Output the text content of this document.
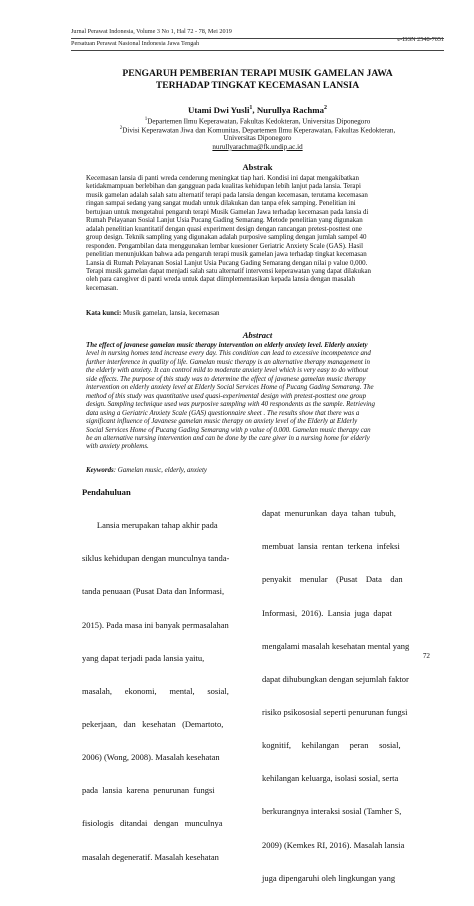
Jurnal Perawat Indonesia, Volume 3 No 1, Hal 72 - 78, Mei 2019
e-ISSN 2548-7051
Persatuan Perawat Nasional Indonesia Jawa Tengah
PENGARUH PEMBERIAN TERAPI MUSIK GAMELAN JAWA
TERHADAP TINGKAT KECEMASAN LANSIA
Utami Dwi Yusli$^1$, Nurullya Rachma$^2$
$^1$Departemen Ilmu Keperawatan, Fakultas Kedokteran, Universitas Diponegoro
$^2$Divisi Keperawatan Jiwa dan Komunitas, Departemen Ilmu Keperawatan, Fakultas Kedokteran,
Universitas Diponegoro
nurullyarachma@fk.undip.ac.id
Abstrak
Kecemasan lansia di panti wreda cenderung meningkat tiap hari. Kondisi ini dapat mengakibatkan
ketidakmampuan berlebihan dan gangguan pada kualitas kehidupan lebih lanjut pada lansia. Terapi
musik gamelan adalah salah satu alternatif terapi pada lansia dengan kecemasan, terutama kecemasan
ringan sampai sedang yang sangat mudah untuk dilakukan dan tanpa efek samping. Penelitian ini
bertujuan untuk mengetahui pengaruh terapi Musik Gamelan Jawa terhadap kecemasan pada lansia di
Rumah Pelayanan Sosial Lanjut Usia Pucang Gading Semarang. Metode penelitian yang digunakan
adalah penelitian kuantitatif dengan quasi experiment design dengan rancangan pretest-posttest one
group design. Teknik sampling yang digunakan adalah purposive sampling dengan jumlah sampel 40
responden. Pengambilan data menggunakan lembar kuesioner Geriatric Anxiety Scale (GAS). Hasil
penelitian menunjukkan bahwa ada pengaruh terapi musik gamelan jawa terhadap tingkat kecemasan
Lansia di Rumah Pelayanan Sosial Lanjut Usia Pucang Gading Semarang dengan nilai p value 0,000.
Terapi musik gamelan dapat menjadi salah satu alternatif intervensi keperawatan yang dapat dilakukan
oleh para caregiver di panti wreda untuk dapat diimplementasikan kepada lansia dengan masalah
kecemasan.
Kata kunci: Musik gamelan, lansia, kecemasan
Abstract
The effect of javanese gamelan music therapy intervention on elderly anxiety level. Elderly anxiety
level in nursing homes tend increase every day. This condition can lead to excessive incompetence and
further interference in quality of life. Gamelan music therapy is an alternative therapy management in
the elderly with anxiety. It can control mild to moderate anxiety level which is very easy to do without
side effects. The purpose of this study was to determine the effect of javanese gamelan music therapy
intervention on elderly anxiety level at Elderly Social Services Home of Pucang Gading Semarang. The
method of this study was quantitative used quasi-experimental design with pretest-posttest one group
design. Sampling technique used was purposive sampling with 40 respondents as the sample. Retrieving
data using a Geriatric Anxiety Scale (GAS) questionnaire sheet . The results show that there was a
significant influence of Javanese gamelan music therapy on anxiety level of the Elderly at Elderly
Social Services Home of Pucang Gading Semarang with p value of 0.000. Gamelan music therapy can
be an alternative nursing intervention and can be done by the care giver in a nursing home for elderly
with anxiety problems.
Keywords: Gamelan music, elderly, anxiety
Pendahuluan

Lansia merupakan tahap akhir pada

siklus kehidupan dengan munculnya tanda-

tanda penuaan (Pusat Data dan Informasi,

2015). Pada masa ini banyak permasalahan

yang dapat terjadi pada lansia yaitu,

masalah,      ekonomi,      mental,      sosial,

pekerjaan,   dan   kesehatan   (Demartoto,

2006) (Wong, 2008). Masalah kesehatan

pada  lansia  karena  penurunan  fungsi

fisiologis   ditandai   dengan   munculnya

masalah degeneratif. Masalah kesehatan

dapat  menurunkan  daya  tahan  tubuh,

membuat  lansia  rentan  terkena  infeksi

penyakit    menular    (Pusat    Data    dan

Informasi,  2016).  Lansia  juga  dapat

mengalami masalah kesehatan mental yang

dapat dihubungkan dengan sejumlah faktor

risiko psikososial seperti penurunan fungsi

kognitif,     kehilangan     peran     sosial,

kehilangan keluarga, isolasi sosial, serta

berkurangnya interaksi sosial (Tamher S,

2009) (Kemkes RI, 2016). Masalah lansia

juga dipengaruhi oleh lingkungan yang

72
